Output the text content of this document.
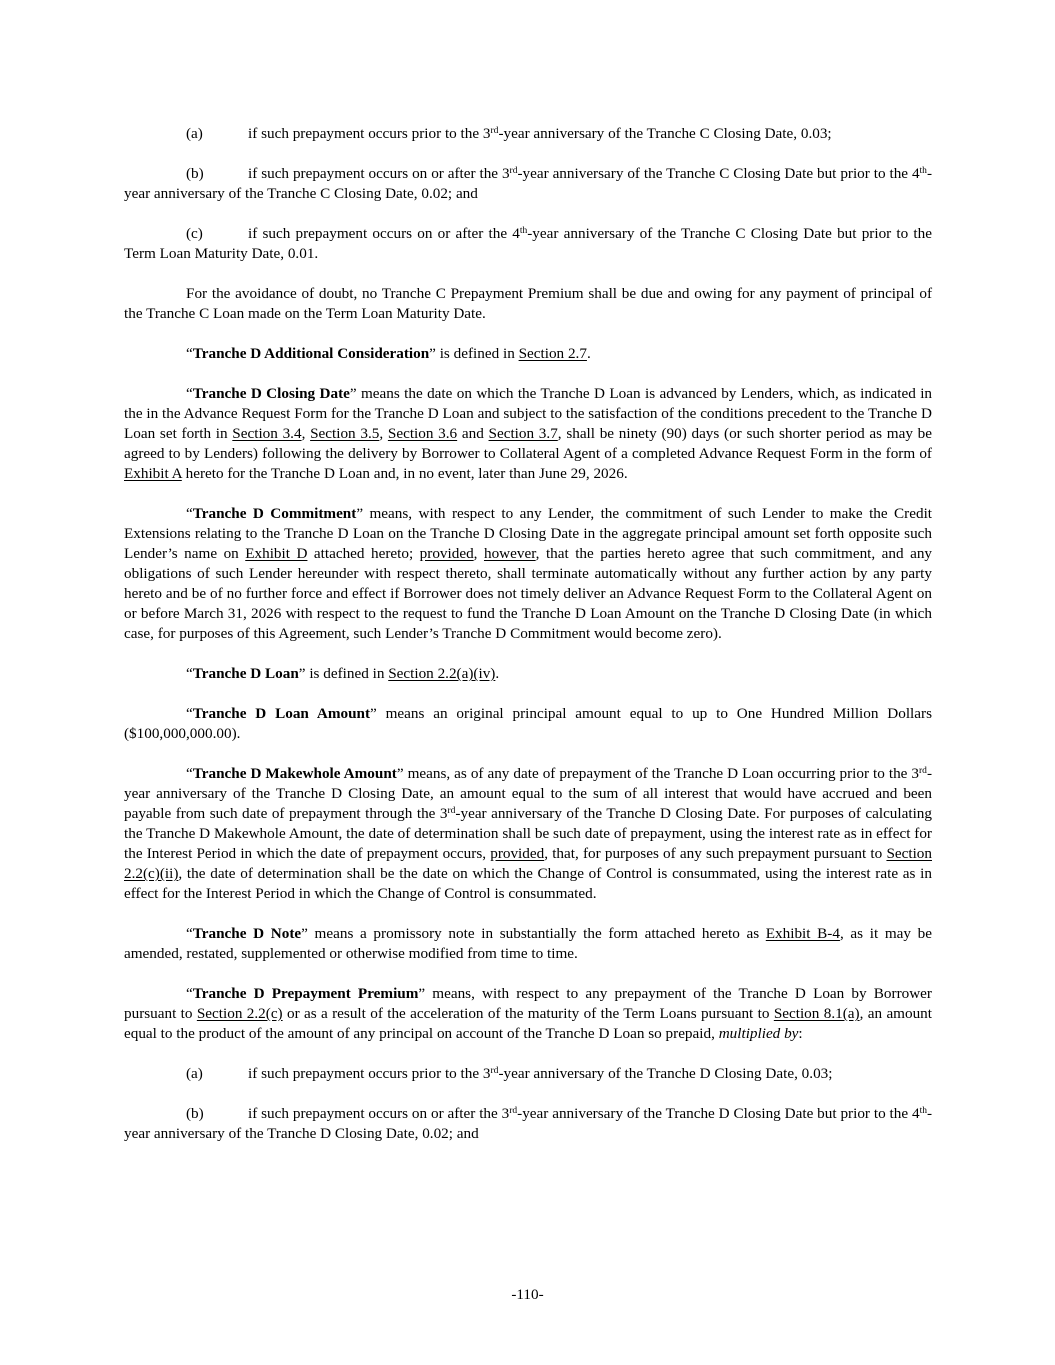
(a)	if such prepayment occurs prior to the 3rd-year anniversary of the Tranche C Closing Date, 0.03;

(b)	if such prepayment occurs on or after the 3rd-year anniversary of the Tranche C Closing Date but prior to the 4th-year anniversary of the Tranche C Closing Date, 0.02; and

(c)	if such prepayment occurs on or after the 4th-year anniversary of the Tranche C Closing Date but prior to the Term Loan Maturity Date, 0.01.

For the avoidance of doubt, no Tranche C Prepayment Premium shall be due and owing for any payment of principal of the Tranche C Loan made on the Term Loan Maturity Date.

“Tranche D Additional Consideration” is defined in Section 2.7.

“Tranche D Closing Date” means the date on which the Tranche D Loan is advanced by Lenders, which, as indicated in the in the Advance Request Form for the Tranche D Loan and subject to the satisfaction of the conditions precedent to the Tranche D Loan set forth in Section 3.4, Section 3.5, Section 3.6 and Section 3.7, shall be ninety (90) days (or such shorter period as may be agreed to by Lenders) following the delivery by Borrower to Collateral Agent of a completed Advance Request Form in the form of Exhibit A hereto for the Tranche D Loan and, in no event, later than June 29, 2026.

“Tranche D Commitment” means, with respect to any Lender, the commitment of such Lender to make the Credit Extensions relating to the Tranche D Loan on the Tranche D Closing Date in the aggregate principal amount set forth opposite such Lender’s name on Exhibit D attached hereto; provided, however, that the parties hereto agree that such commitment, and any obligations of such Lender hereunder with respect thereto, shall terminate automatically without any further action by any party hereto and be of no further force and effect if Borrower does not timely deliver an Advance Request Form to the Collateral Agent on or before March 31, 2026 with respect to the request to fund the Tranche D Loan Amount on the Tranche D Closing Date (in which case, for purposes of this Agreement, such Lender’s Tranche D Commitment would become zero).

“Tranche D Loan” is defined in Section 2.2(a)(iv).

“Tranche D Loan Amount” means an original principal amount equal to up to One Hundred Million Dollars ($100,000,000.00).

“Tranche D Makewhole Amount” means, as of any date of prepayment of the Tranche D Loan occurring prior to the 3rd-year anniversary of the Tranche D Closing Date, an amount equal to the sum of all interest that would have accrued and been payable from such date of prepayment through the 3rd-year anniversary of the Tranche D Closing Date. For purposes of calculating the Tranche D Makewhole Amount, the date of determination shall be such date of prepayment, using the interest rate as in effect for the Interest Period in which the date of prepayment occurs, provided, that, for purposes of any such prepayment pursuant to Section 2.2(c)(ii), the date of determination shall be the date on which the Change of Control is consummated, using the interest rate as in effect for the Interest Period in which the Change of Control is consummated.

“Tranche D Note” means a promissory note in substantially the form attached hereto as Exhibit B-4, as it may be amended, restated, supplemented or otherwise modified from time to time.

“Tranche D Prepayment Premium” means, with respect to any prepayment of the Tranche D Loan by Borrower pursuant to Section 2.2(c) or as a result of the acceleration of the maturity of the Term Loans pursuant to Section 8.1(a), an amount equal to the product of the amount of any principal on account of the Tranche D Loan so prepaid, multiplied by:

(a)	if such prepayment occurs prior to the 3rd-year anniversary of the Tranche D Closing Date, 0.03;

(b)	if such prepayment occurs on or after the 3rd-year anniversary of the Tranche D Closing Date but prior to the 4th-year anniversary of the Tranche D Closing Date, 0.02; and

-110-
